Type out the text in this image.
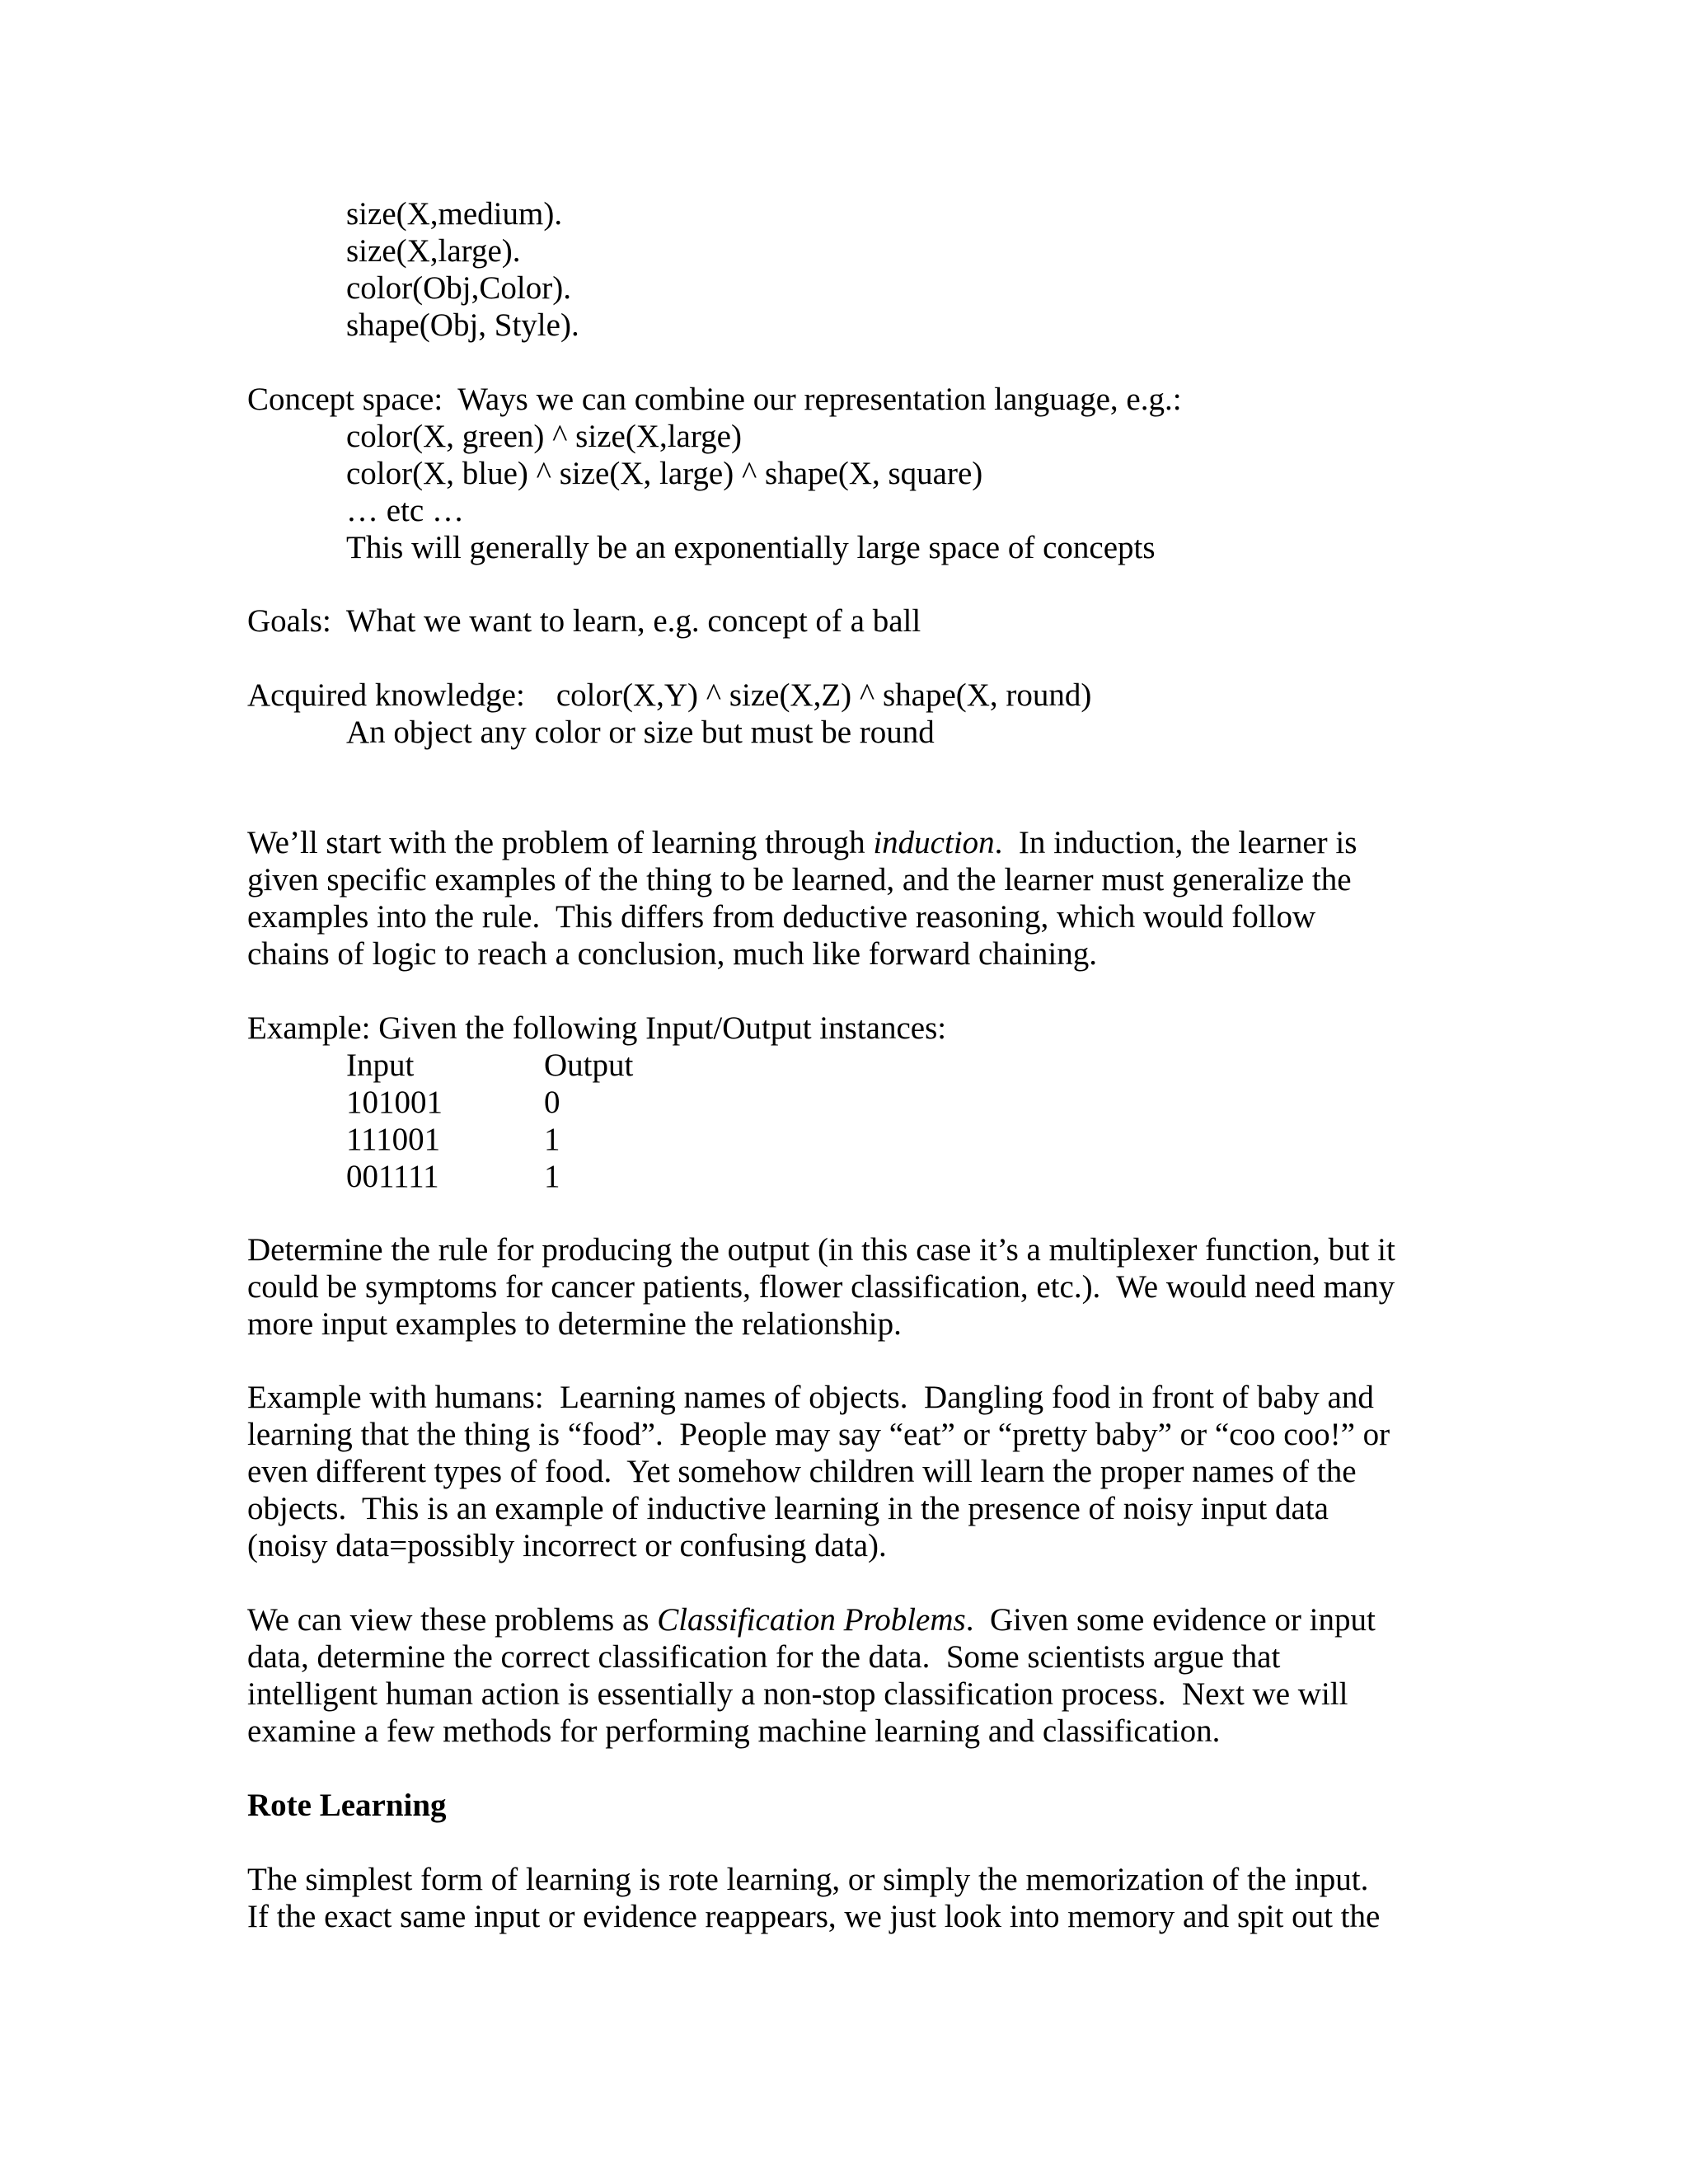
size(X,medium).

size(X,large).

color(Obj,Color).

shape(Obj, Style).

Concept space: Ways we can combine our representation language, e.g.:

color(X, green) ^ size(X,large)

color(X, blue) ^ size(X, large) ^ shape(X, square)

… etc …

This will generally be an exponentially large space of concepts

Goals: What we want to learn, e.g. concept of a ball

Acquired knowledge: color(X,Y) ^ size(X,Z) ^ shape(X, round)

An object any color or size but must be round

We’ll start with the problem of learning through induction.  In induction, the learner is

given specific examples of the thing to be learned, and the learner must generalize the

examples into the rule.  This differs from deductive reasoning, which would follow

chains of logic to reach a conclusion, much like forward chaining.

Example: Given the following Input/Output instances:

Input	Output

101001	0

111001	1

001111	1

Determine the rule for producing the output (in this case it’s a multiplexer function, but it

could be symptoms for cancer patients, flower classification, etc.).  We would need many

more input examples to determine the relationship.

Example with humans:  Learning names of objects.  Dangling food in front of baby and

learning that the thing is “food”.  People may say “eat” or “pretty baby” or “coo coo!” or

even different types of food.  Yet somehow children will learn the proper names of the

objects.  This is an example of inductive learning in the presence of noisy input data

(noisy data=possibly incorrect or confusing data).

We can view these problems as Classification Problems.  Given some evidence or input

data, determine the correct classification for the data.  Some scientists argue that

intelligent human action is essentially a non-stop classification process.  Next we will

examine a few methods for performing machine learning and classification.

Rote Learning

The simplest form of learning is rote learning, or simply the memorization of the input.

If the exact same input or evidence reappears, we just look into memory and spit out the
